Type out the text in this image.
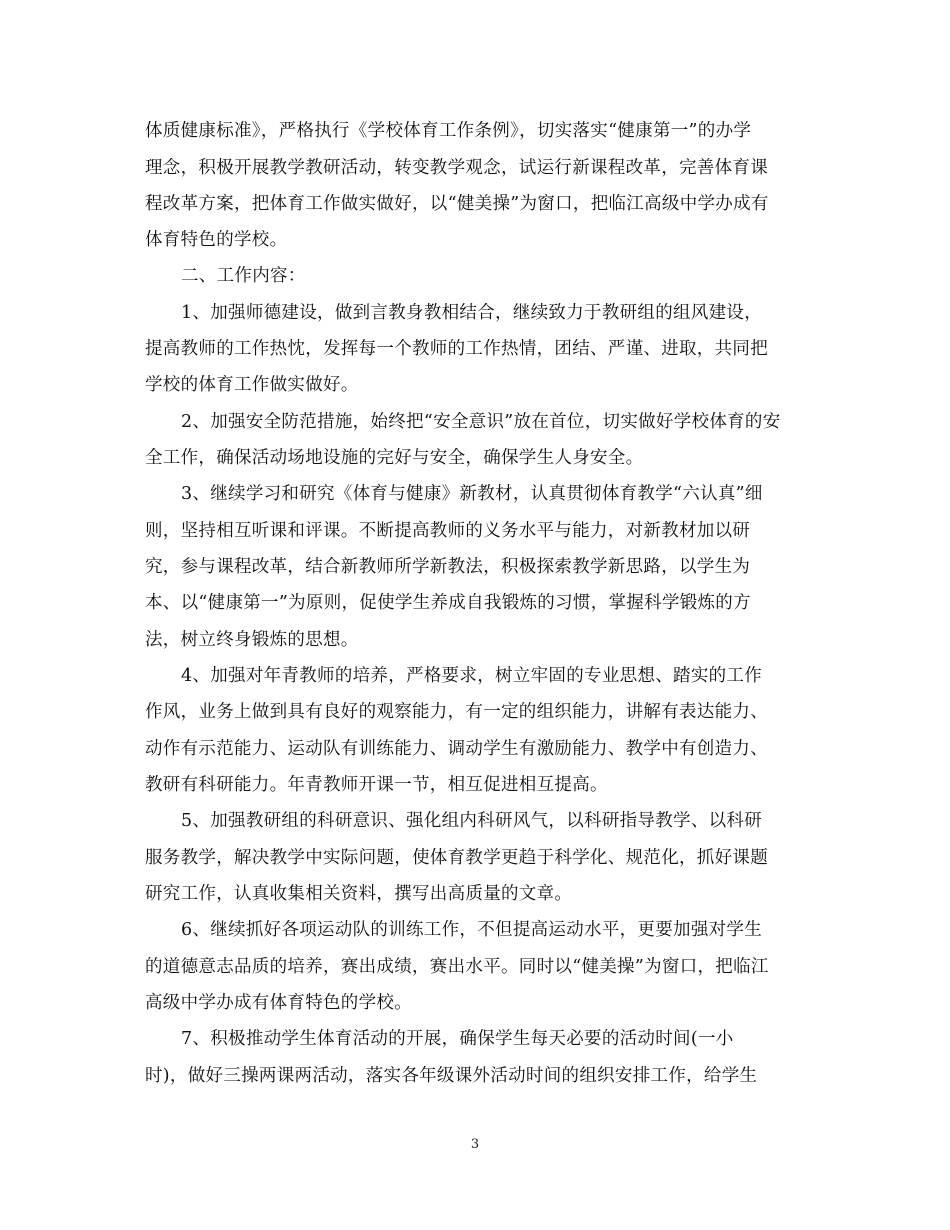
体质健康标准》，严格执行《学校体育工作条例》，切实落实“健康第一”的办学
理念，积极开展教学教研活动，转变教学观念，试运行新课程改革，完善体育课
程改革方案，把体育工作做实做好，以“健美操”为窗口，把临江高级中学办成有
体育特色的学校。
二、工作内容：
1、加强师德建设，做到言教身教相结合，继续致力于教研组的组风建设，
提高教师的工作热忱，发挥每一个教师的工作热情，团结、严谨、进取，共同把
学校的体育工作做实做好。
2、加强安全防范措施，始终把“安全意识”放在首位，切实做好学校体育的安
全工作，确保活动场地设施的完好与安全，确保学生人身安全。
3、继续学习和研究《体育与健康》新教材，认真贯彻体育教学“六认真”细
则，坚持相互听课和评课。不断提高教师的义务水平与能力，对新教材加以研
究，参与课程改革，结合新教师所学新教法，积极探索教学新思路，以学生为
本、以“健康第一”为原则，促使学生养成自我锻炼的习惯，掌握科学锻炼的方
法，树立终身锻炼的思想。
4、加强对年青教师的培养，严格要求，树立牢固的专业思想、踏实的工作
作风，业务上做到具有良好的观察能力，有一定的组织能力，讲解有表达能力、
动作有示范能力、运动队有训练能力、调动学生有激励能力、教学中有创造力、
教研有科研能力。年青教师开课一节，相互促进相互提高。
5、加强教研组的科研意识、强化组内科研风气，以科研指导教学、以科研
服务教学，解决教学中实际问题，使体育教学更趋于科学化、规范化，抓好课题
研究工作，认真收集相关资料，撰写出高质量的文章。
6、继续抓好各项运动队的训练工作，不但提高运动水平，更要加强对学生
的道德意志品质的培养，赛出成绩，赛出水平。同时以“健美操”为窗口，把临江
高级中学办成有体育特色的学校。
7、积极推动学生体育活动的开展，确保学生每天必要的活动时间(一小
时)，做好三操两课两活动，落实各年级课外活动时间的组织安排工作，给学生
3
